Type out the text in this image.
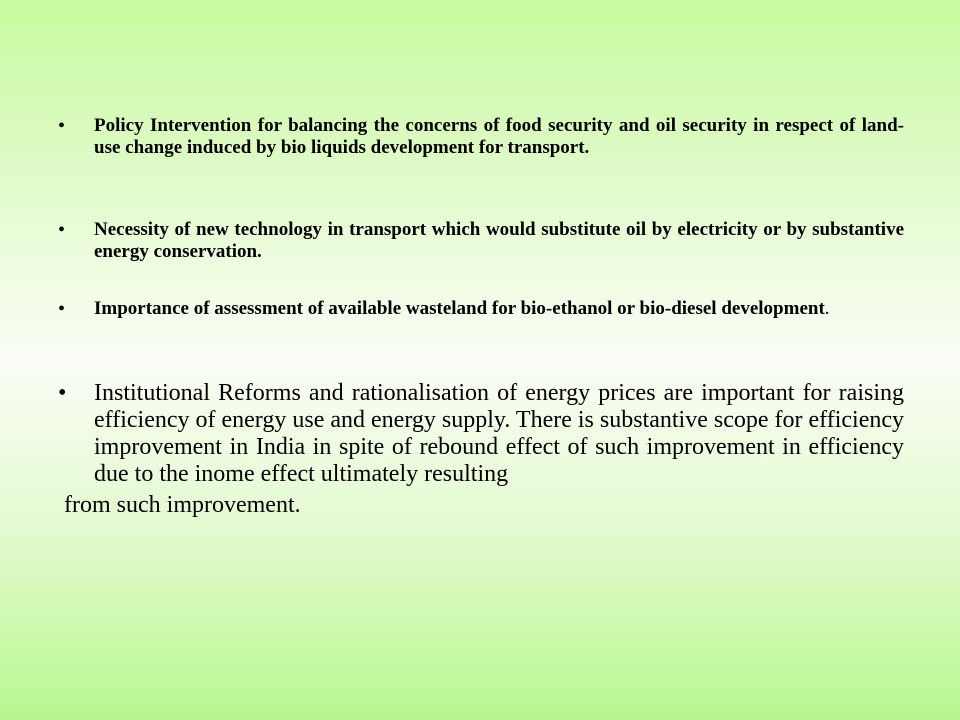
• Policy Intervention for balancing the concerns of food security and oil security in respect of land-use change induced by bio liquids development for transport.
• Necessity of new technology in transport which would substitute oil by electricity or by substantive energy conservation.
• Importance of assessment of available wasteland for bio-ethanol or bio-diesel development.
• Institutional Reforms and rationalisation of energy prices are important for raising efficiency of energy use and energy supply. There is substantive scope for efficiency improvement in India in spite of rebound effect of such improvement in efficiency due to the inome effect ultimately resulting
from such improvement.
